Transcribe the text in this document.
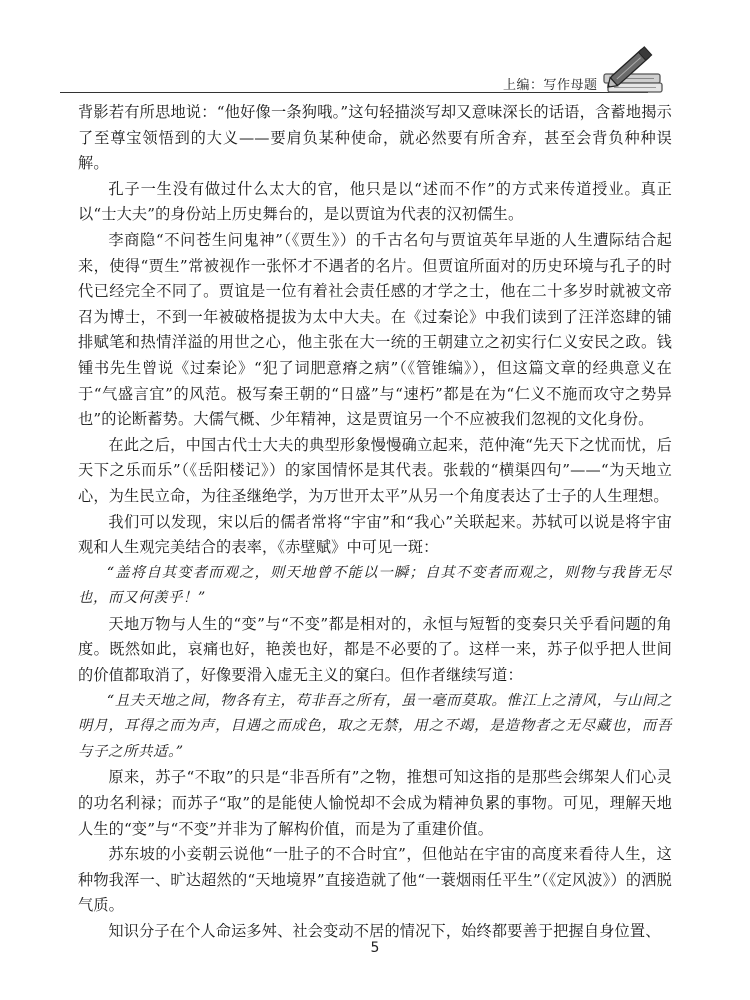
上编：写作母题

背影若有所思地说：“他好像一条狗哦。”这句轻描淡写却又意味深长的话语，含蓄地揭示了至尊宝领悟到的大义——要肩负某种使命，就必然要有所舍弃，甚至会背负种种误解。

孔子一生没有做过什么太大的官，他只是以“述而不作”的方式来传道授业。真正以“士大夫”的身份站上历史舞台的，是以贾谊为代表的汉初儒生。

李商隐“不问苍生问鬼神”（《贾生》）的千古名句与贾谊英年早逝的人生遭际结合起来，使得“贾生”常被视作一张怀才不遇者的名片。但贾谊所面对的历史环境与孔子的时代已经完全不同了。贾谊是一位有着社会责任感的才学之士，他在二十多岁时就被文帝召为博士，不到一年被破格提拔为太中大夫。在《过秦论》中我们读到了汪洋恣肆的铺排赋笔和热情洋溢的用世之心，他主张在大一统的王朝建立之初实行仁义安民之政。钱锺书先生曾说《过秦论》“犯了词肥意瘠之病”（《管锥编》），但这篇文章的经典意义在于“气盛言宜”的风范。极写秦王朝的“日盛”与“速朽”都是在为“仁义不施而攻守之势异也”的论断蓄势。大儒气概、少年精神，这是贾谊另一个不应被我们忽视的文化身份。

在此之后，中国古代士大夫的典型形象慢慢确立起来，范仲淹“先天下之忧而忧，后天下之乐而乐”（《岳阳楼记》）的家国情怀是其代表。张载的“横渠四句”——“为天地立心，为生民立命，为往圣继绝学，为万世开太平”从另一个角度表达了士子的人生理想。

我们可以发现，宋以后的儒者常将“宇宙”和“我心”关联起来。苏轼可以说是将宇宙观和人生观完美结合的表率，《赤壁赋》中可见一斑：

“盖将自其变者而观之，则天地曾不能以一瞬；自其不变者而观之，则物与我皆无尽也，而又何羡乎！”

天地万物与人生的“变”与“不变”都是相对的，永恒与短暂的变奏只关乎看问题的角度。既然如此，哀痛也好，艳羡也好，都是不必要的了。这样一来，苏子似乎把人世间的价值都取消了，好像要滑入虚无主义的窠臼。但作者继续写道：

“且夫天地之间，物各有主，苟非吾之所有，虽一毫而莫取。惟江上之清风，与山间之明月，耳得之而为声，目遇之而成色，取之无禁，用之不竭，是造物者之无尽藏也，而吾与子之所共适。”

原来，苏子“不取”的只是“非吾所有”之物，推想可知这指的是那些会绑架人们心灵的功名利禄；而苏子“取”的是能使人愉悦却不会成为精神负累的事物。可见，理解天地人生的“变”与“不变”并非为了解构价值，而是为了重建价值。

苏东坡的小妾朝云说他“一肚子的不合时宜”，但他站在宇宙的高度来看待人生，这种物我浑一、旷达超然的“天地境界”直接造就了他“一蓑烟雨任平生”（《定风波》）的洒脱气质。

知识分子在个人命运多舛、社会变动不居的情况下，始终都要善于把握自身位置、

5
